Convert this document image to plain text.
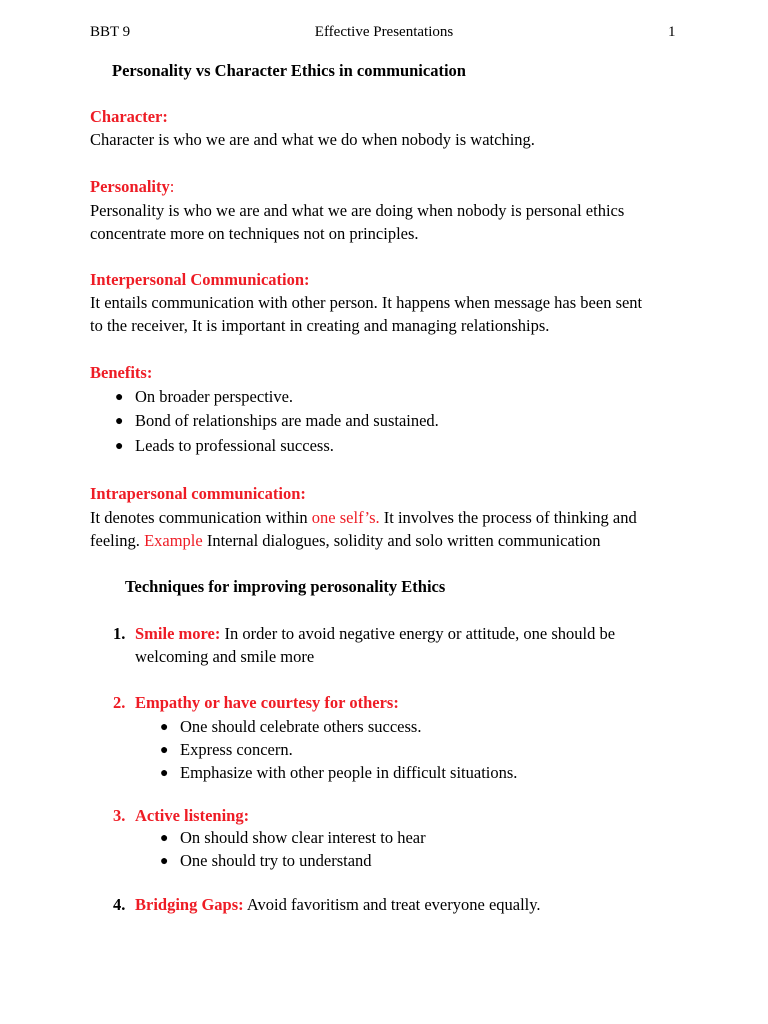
BBT 9	Effective Presentations	1
Personality vs Character Ethics in communication
Character:
Character is who we are and what we do when nobody is watching.
Personality:
Personality is who we are and what we are doing when nobody is personal ethics
concentrate more on techniques not on principles.
Interpersonal Communication:
It entails communication with other person. It happens when message has been sent
to the receiver, It is important in creating and managing relationships.
Benefits:
● On broader perspective.
● Bond of relationships are made and sustained.
● Leads to professional success.
Intrapersonal communication:
It denotes communication within one self’s. It involves the process of thinking and
feeling. Example Internal dialogues, solidity and solo written communication
Techniques for improving perosonality Ethics
1. Smile more: In order to avoid negative energy or attitude, one should be
welcoming and smile more
2. Empathy or have courtesy for others:
● One should celebrate others success.
● Express concern.
● Emphasize with other people in difficult situations.
3. Active listening:
● On should show clear interest to hear
● One should try to understand
4. Bridging Gaps: Avoid favoritism and treat everyone equally.
